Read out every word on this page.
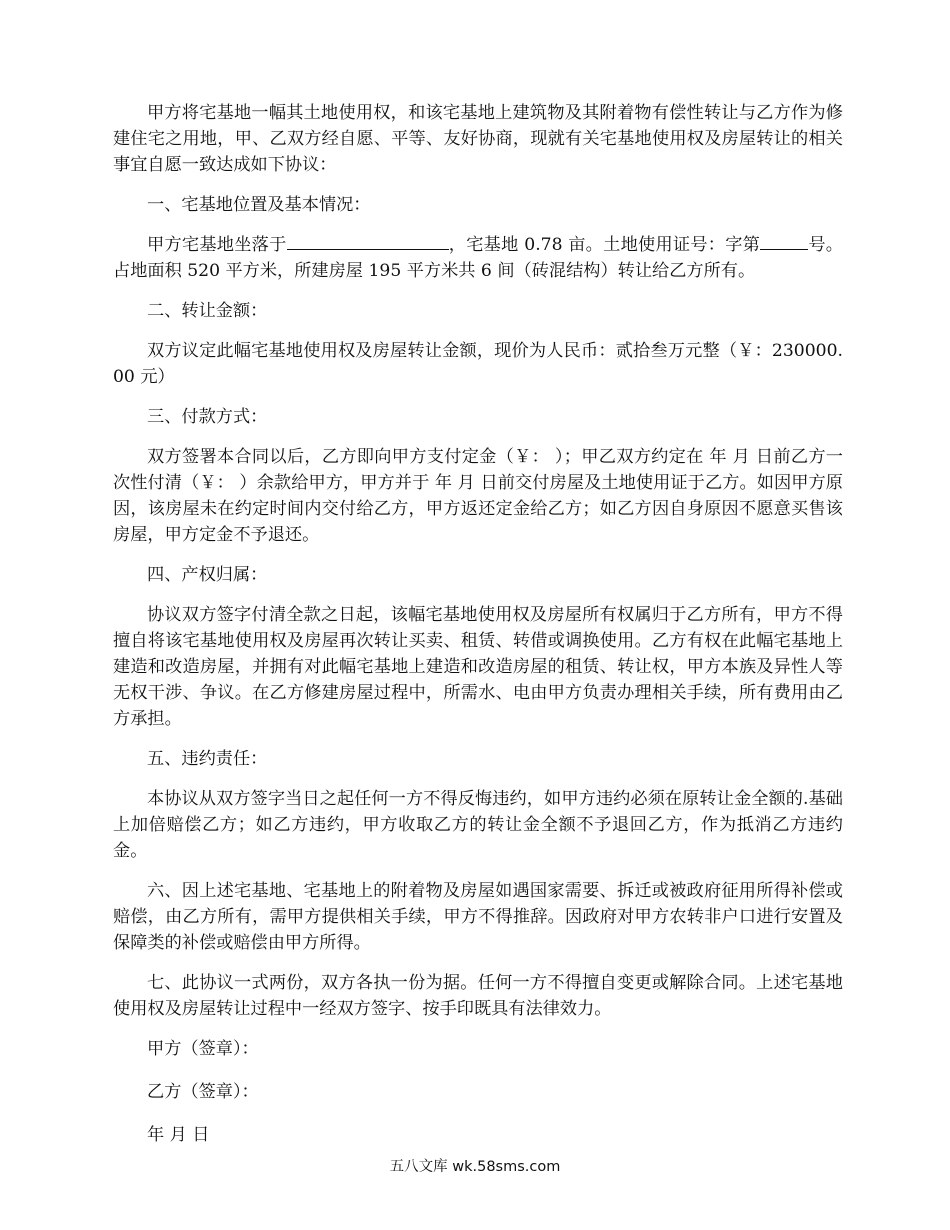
甲方将宅基地一幅其土地使用权，和该宅基地上建筑物及其附着物有偿性转让与乙方作为修建住宅之用地，甲、乙双方经自愿、平等、友好协商，现就有关宅基地使用权及房屋转让的相关事宜自愿一致达成如下协议：

一、宅基地位置及基本情况：

甲方宅基地坐落于	，宅基地 0.78 亩。土地使用证号：字第	号。占地面积 520 平方米，所建房屋 195 平方米共 6 间（砖混结构）转让给乙方所有。

二、转让金额：

双方议定此幅宅基地使用权及房屋转让金额，现价为人民币：贰拾叁万元整（￥：230000.00 元）

三、付款方式：

双方签署本合同以后，乙方即向甲方支付定金（￥： ）；甲乙双方约定在 年 月 日前乙方一次性付清（￥： ）余款给甲方，甲方并于 年 月 日前交付房屋及土地使用证于乙方。如因甲方原因，该房屋未在约定时间内交付给乙方，甲方返还定金给乙方；如乙方因自身原因不愿意买售该房屋，甲方定金不予退还。

四、产权归属：

协议双方签字付清全款之日起，该幅宅基地使用权及房屋所有权属归于乙方所有，甲方不得擅自将该宅基地使用权及房屋再次转让买卖、租赁、转借或调换使用。乙方有权在此幅宅基地上建造和改造房屋，并拥有对此幅宅基地上建造和改造房屋的租赁、转让权，甲方本族及异性人等无权干涉、争议。在乙方修建房屋过程中，所需水、电由甲方负责办理相关手续，所有费用由乙方承担。

五、违约责任：

本协议从双方签字当日之起任何一方不得反悔违约，如甲方违约必须在原转让金全额的.基础上加倍赔偿乙方；如乙方违约，甲方收取乙方的转让金全额不予退回乙方，作为抵消乙方违约金。

六、因上述宅基地、宅基地上的附着物及房屋如遇国家需要、拆迁或被政府征用所得补偿或赔偿，由乙方所有，需甲方提供相关手续，甲方不得推辞。因政府对甲方农转非户口进行安置及保障类的补偿或赔偿由甲方所得。

七、此协议一式两份，双方各执一份为据。任何一方不得擅自变更或解除合同。上述宅基地使用权及房屋转让过程中一经双方签字、按手印既具有法律效力。

甲方（签章）：

乙方（签章）：

年 月 日

五八文库 wk.58sms.com
